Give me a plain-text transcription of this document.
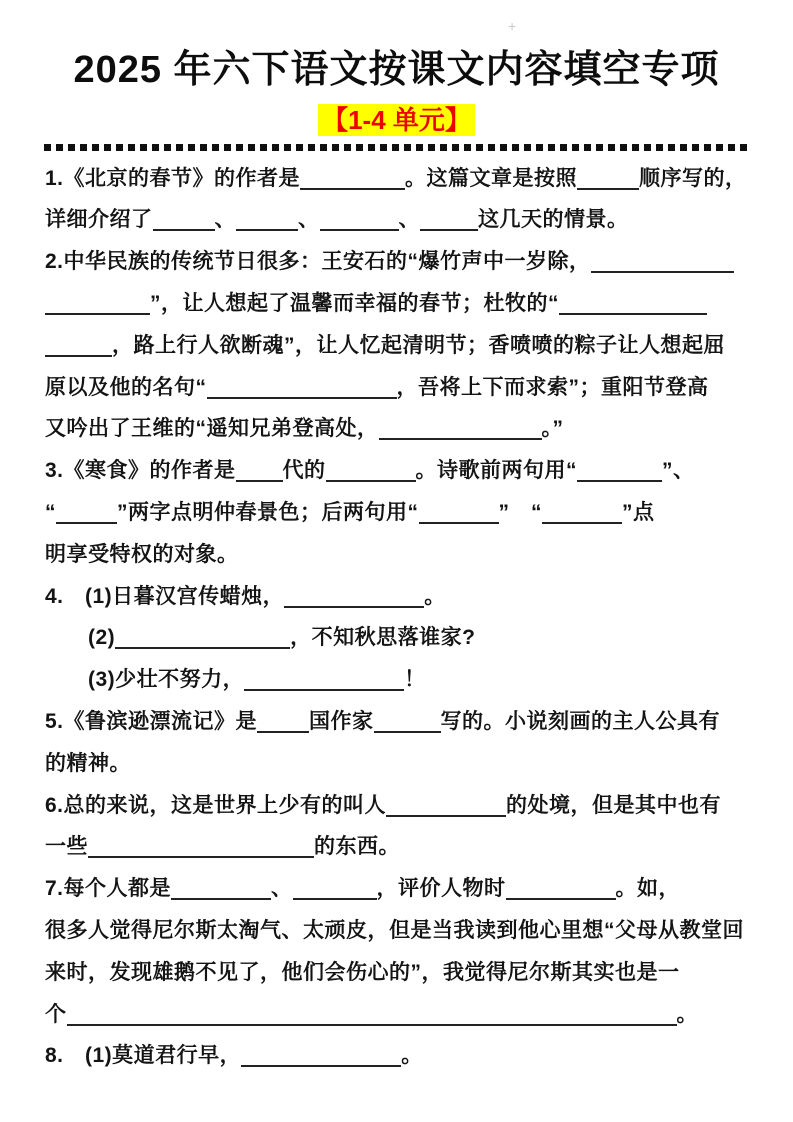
+
2025 年六下语文按课文内容填空专项
【1-4 单元】
1.《北京的春节》的作者是	。这篇文章是按照	顺序写的，
详细介绍了	、	、	、	这几天的情景。
2.中华民族的传统节日很多：王安石的“爆竹声中一岁除，
”，让人想起了温馨而幸福的春节；杜牧的“
，路上行人欲断魂”，让人忆起清明节；香喷喷的粽子让人想起屈
原以及他的名句“	，吾将上下而求索”；重阳节登高
又吟出了王维的“遥知兄弟登高处，	。”
3.《寒食》的作者是 代的	。诗歌前两句用“	”、
“	”两字点明仲春景色；后两句用“	”　“	”点
明享受特权的对象。
4.　(1)日暮汉宫传蜡烛，	。
(2)	，不知秋思落谁家?
(3)少壮不努力，	！
5.《鲁滨逊漂流记》是 国作家	写的。小说刻画的主人公具有
的精神。
6.总的来说，这是世界上少有的叫人	的处境，但是其中也有
一些	的东西。
7.每个人都是	、	，评价人物时	。如，
很多人觉得尼尔斯太淘气、太顽皮，但是当我读到他心里想“父母从教堂回
来时，发现雄鹅不见了，他们会伤心的”，我觉得尼尔斯其实也是一
个	。
8.　(1)莫道君行早，	。
